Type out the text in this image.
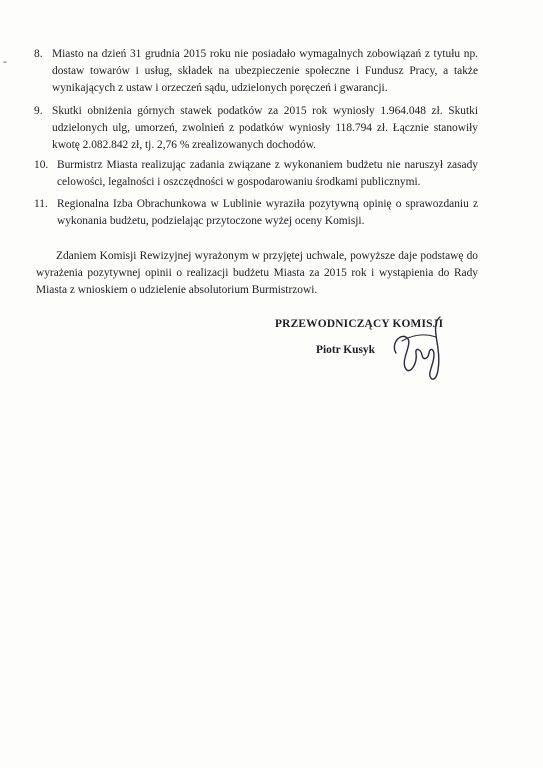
- 8. Miasto na dzień 31 grudnia 2015 roku nie posiadało wymagalnych zobowiązań z tytułu np. dostaw towarów i usług, składek na ubezpieczenie społeczne i Fundusz Pracy, a także wynikających z ustaw i orzeczeń sądu, udzielonych poręczeń i gwarancji.
9. Skutki obniżenia górnych stawek podatków za 2015 rok wyniosły 1.964.048 zł. Skutki udzielonych ulg, umorzeń, zwolnień z podatków wyniosły 118.794 zł. Łącznie stanowiły kwotę 2.082.842 zł, tj. 2,76 % zrealizowanych dochodów.
10. Burmistrz Miasta realizując zadania związane z wykonaniem budżetu nie naruszył zasady celowości, legalności i oszczędności w gospodarowaniu środkami publicznymi.
11. Regionalna Izba Obrachunkowa w Lublinie wyraziła pozytywną opinię o sprawozdaniu z wykonania budżetu, podzielając przytoczone wyżej oceny Komisji.
Zdaniem Komisji Rewizyjnej wyrażonym w przyjętej uchwale, powyższe daje podstawę do wyrażenia pozytywnej opinii o realizacji budżetu Miasta za 2015 rok i wystąpienia do Rady Miasta z wnioskiem o udzielenie absolutorium Burmistrzowi.
PRZEWODNICZĄCY KOMISJI
Piotr Kusyk
